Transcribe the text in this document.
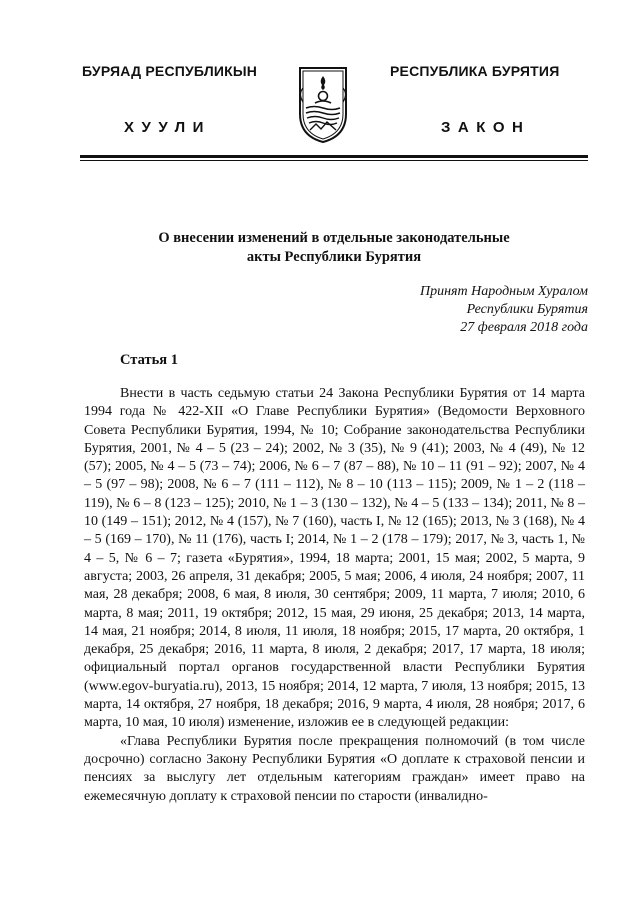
БУРЯАД РЕСПУБЛИКЫН	РЕСПУБЛИКА БУРЯТИЯ
ХУУЛИ	ЗАКОН
О внесении изменений в отдельные законодательные
акты Республики Бурятия
Принят Народным Хуралом
Республики Бурятия
27 февраля 2018 года
Статья 1

Внести в часть седьмую статьи 24 Закона Республики Бурятия от 14 марта 1994 года № 422-XII «О Главе Республики Бурятия» (Ведомости Верховного Совета Республики Бурятия, 1994, № 10; Собрание законодательства Республики Бурятия, 2001, № 4 – 5 (23 – 24); 2002, № 3 (35), № 9 (41); 2003, № 4 (49), № 12 (57); 2005, № 4 – 5 (73 – 74); 2006, № 6 – 7 (87 – 88), № 10 – 11 (91 – 92); 2007, № 4 – 5 (97 – 98); 2008, № 6 – 7 (111 – 112), № 8 – 10 (113 – 115); 2009, № 1 – 2 (118 – 119), № 6 – 8 (123 – 125); 2010, № 1 – 3 (130 – 132), № 4 – 5 (133 – 134); 2011, № 8 – 10 (149 – 151); 2012, № 4 (157), № 7 (160), часть I, № 12 (165); 2013, № 3 (168), № 4 – 5 (169 – 170), № 11 (176), часть I; 2014, № 1 – 2 (178 – 179); 2017, № 3, часть 1, № 4 – 5, № 6 – 7; газета «Бурятия», 1994, 18 марта; 2001, 15 мая; 2002, 5 марта, 9 августа; 2003, 26 апреля, 31 декабря; 2005, 5 мая; 2006, 4 июля, 24 ноября; 2007, 11 мая, 28 декабря; 2008, 6 мая, 8 июля, 30 сентября; 2009, 11 марта, 7 июля; 2010, 6 марта, 8 мая; 2011, 19 октября; 2012, 15 мая, 29 июня, 25 декабря; 2013, 14 марта, 14 мая, 21 ноября; 2014, 8 июля, 11 июля, 18 ноября; 2015, 17 марта, 20 октября, 1 декабря, 25 декабря; 2016, 11 марта, 8 июля, 2 декабря; 2017, 17 марта, 18 июля; официальный портал органов государственной власти Республики Бурятия (www.egov-buryatia.ru), 2013, 15 ноября; 2014, 12 марта, 7 июля, 13 ноября; 2015, 13 марта, 14 октября, 27 ноября, 18 декабря; 2016, 9 марта, 4 июля, 28 ноября; 2017, 6 марта, 10 мая, 10 июля) изменение, изложив ее в следующей редакции:

«Глава Республики Бурятия после прекращения полномочий (в том числе досрочно) согласно Закону Республики Бурятия «О доплате к страховой пенсии и пенсиях за выслугу лет отдельным категориям граждан» имеет право на ежемесячную доплату к страховой пенсии по старости (инвалидно-
